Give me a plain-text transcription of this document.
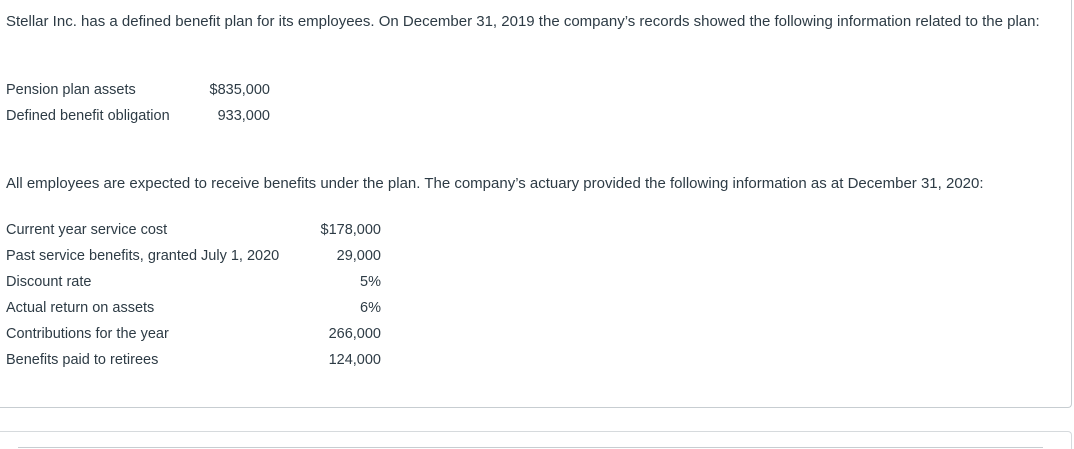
Stellar Inc. has a defined benefit plan for its employees. On December 31, 2019 the company’s records showed the following information related to the plan:

Pension plan assets	$835,000
Defined benefit obligation	933,000

All employees are expected to receive benefits under the plan. The company’s actuary provided the following information as at December 31, 2020:

Current year service cost	$178,000
Past service benefits, granted July 1, 2020	29,000
Discount rate	5%
Actual return on assets	6%
Contributions for the year	266,000
Benefits paid to retirees	124,000
